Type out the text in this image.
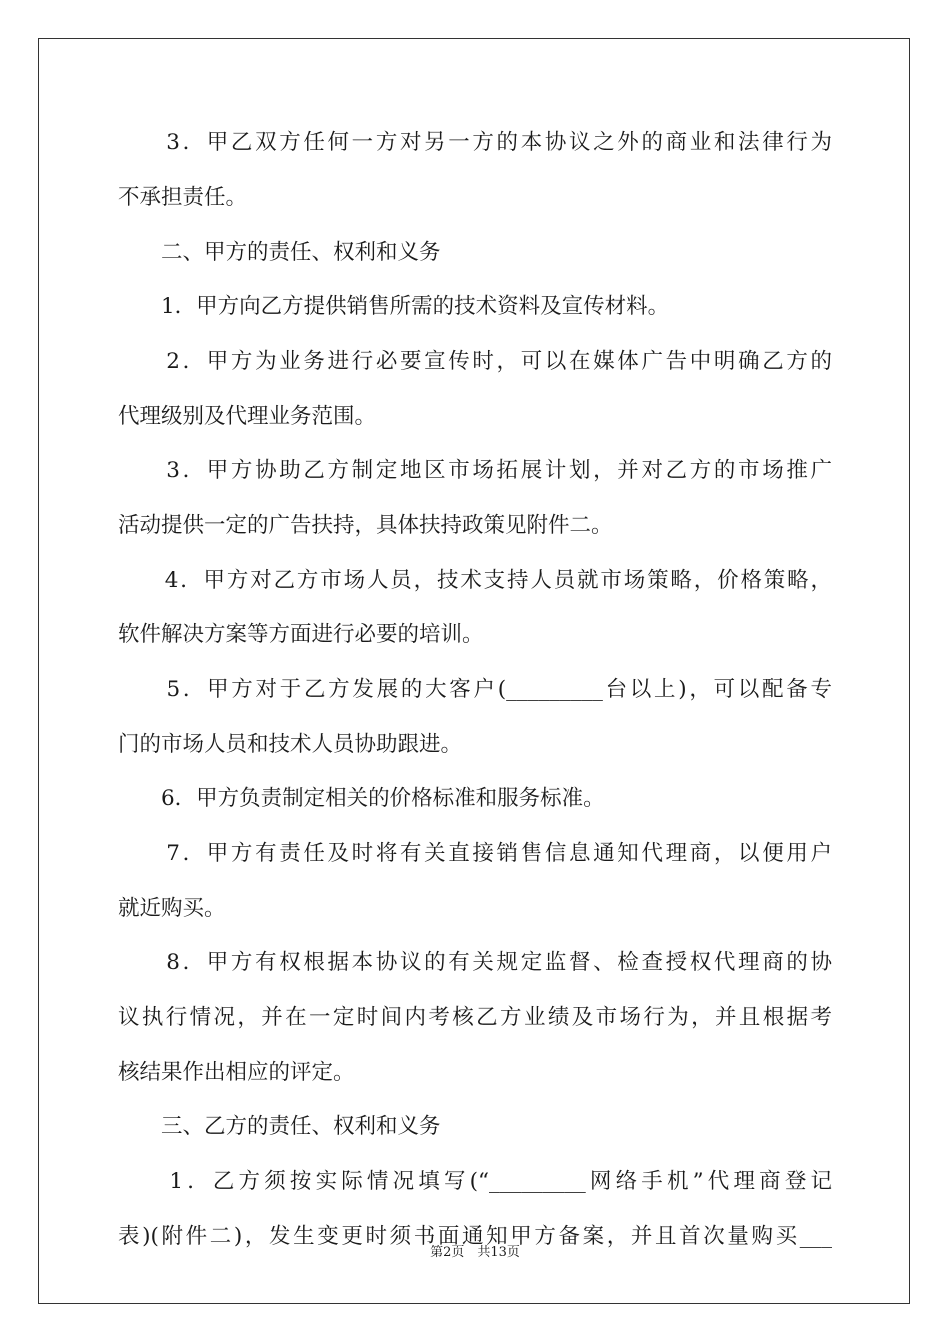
　　3．甲乙双方任何一方对另一方的本协议之外的商业和法律行为
不承担责任。
　　二、甲方的责任、权利和义务
　　1．甲方向乙方提供销售所需的技术资料及宣传材料。
　　2．甲方为业务进行必要宣传时，可以在媒体广告中明确乙方的
代理级别及代理业务范围。
　　3．甲方协助乙方制定地区市场拓展计划，并对乙方的市场推广
活动提供一定的广告扶持，具体扶持政策见附件二。
　　4．甲方对乙方市场人员，技术支持人员就市场策略，价格策略，
软件解决方案等方面进行必要的培训。
　　5．甲方对于乙方发展的大客户(_________台以上)，可以配备专
门的市场人员和技术人员协助跟进。
　　6．甲方负责制定相关的价格标准和服务标准。
　　7．甲方有责任及时将有关直接销售信息通知代理商，以便用户
就近购买。
　　8．甲方有权根据本协议的有关规定监督、检查授权代理商的协
议执行情况，并在一定时间内考核乙方业绩及市场行为，并且根据考
核结果作出相应的评定。
　　三、乙方的责任、权利和义务
　　1．乙方须按实际情况填写(“_________网络手机”代理商登记
表)(附件二)，发生变更时须书面通知甲方备案，并且首次量购买___
第2页　共13页
